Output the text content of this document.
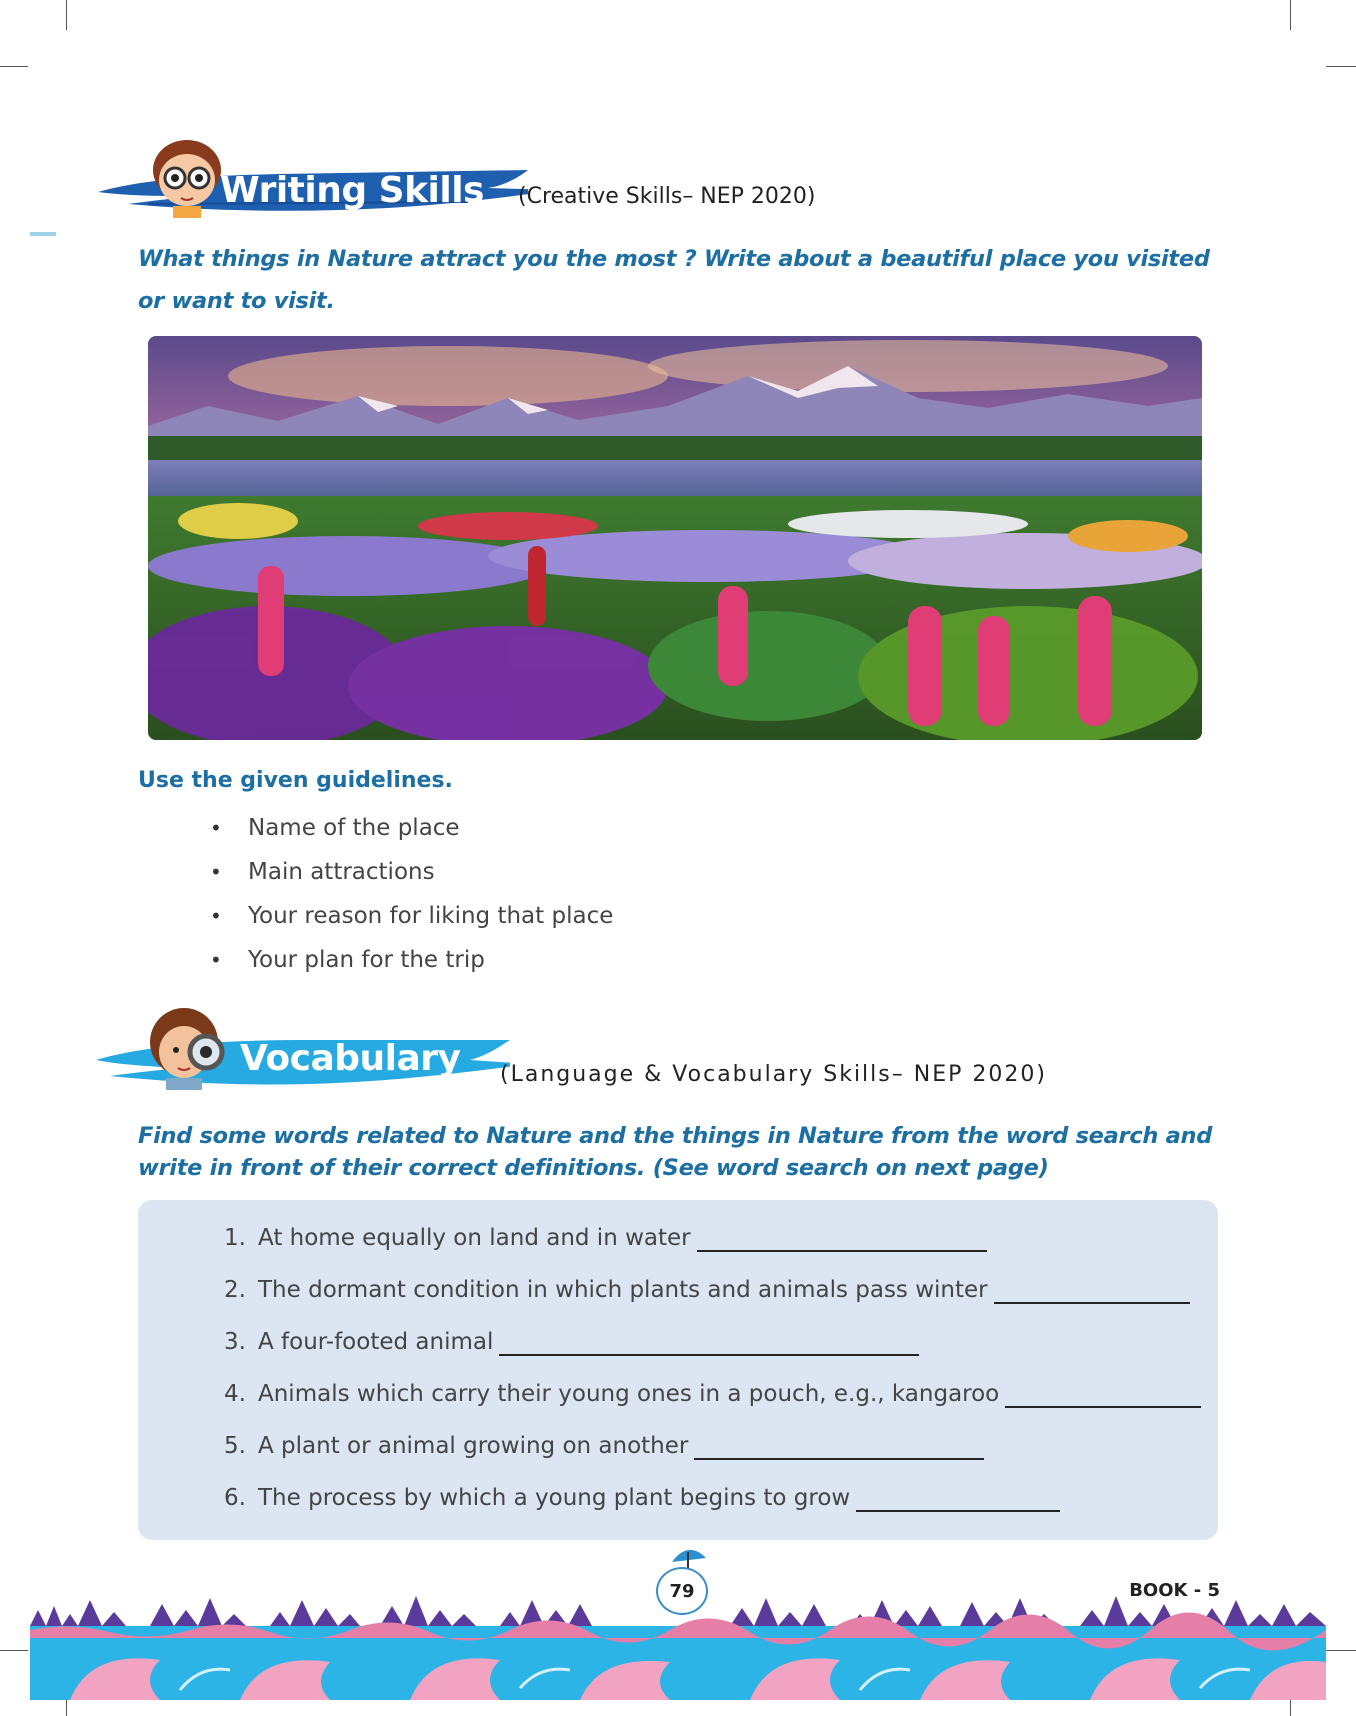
Writing Skills (Creative Skills– NEP 2020)
What things in Nature attract you the most ? Write about a beautiful place you visited or want to visit.
Use the given guidelines.
•	Name of the place
•	Main attractions
•	Your reason for liking that place
•	Your plan for the trip
Vocabulary (Language & Vocabulary Skills– NEP 2020)
Find some words related to Nature and the things in Nature from the word search and write in front of their correct definitions. (See word search on next page)
1. At home equally on land and in water
2. The dormant condition in which plants and animals pass winter
3. A four-footed animal
4. Animals which carry their young ones in a pouch, e.g., kangaroo
5. A plant or animal growing on another
6. The process by which a young plant begins to grow
79	BOOK - 5
